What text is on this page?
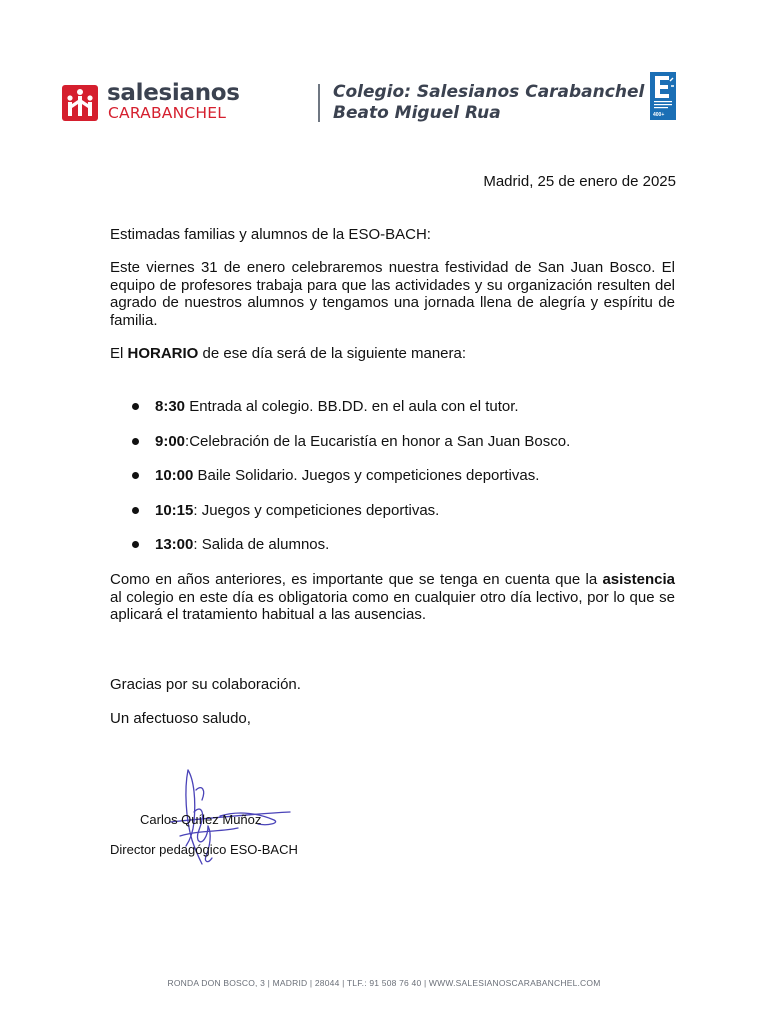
salesianos
CARABANCHEL
Colegio: Salesianos Carabanchel
Beato Miguel Rua	400+
Madrid, 25 de enero de 2025
Estimadas familias y alumnos de la ESO-BACH:
Este viernes 31 de enero celebraremos nuestra festividad de San Juan Bosco. El equipo de profesores trabaja para que las actividades y su organización resulten del agrado de nuestros alumnos y tengamos una jornada llena de alegría y espíritu de familia.
El HORARIO de ese día será de la siguiente manera:
8:30 Entrada al colegio. BB.DD. en el aula con el tutor.
9:00:Celebración de la Eucaristía en honor a San Juan Bosco.
10:00 Baile Solidario. Juegos y competiciones deportivas.
10:15: Juegos y competiciones deportivas.
13:00: Salida de alumnos.
Como en años anteriores, es importante que se tenga en cuenta que la asistencia al colegio en este día es obligatoria como en cualquier otro día lectivo, por lo que se aplicará el tratamiento habitual a las ausencias.
Gracias por su colaboración.
Un afectuoso saludo,
Carlos Quílez Muñoz
Director pedagógico ESO-BACH
RONDA DON BOSCO, 3 | MADRID | 28044 | TLF.: 91 508 76 40 | WWW.SALESIANOSCARABANCHEL.COM
